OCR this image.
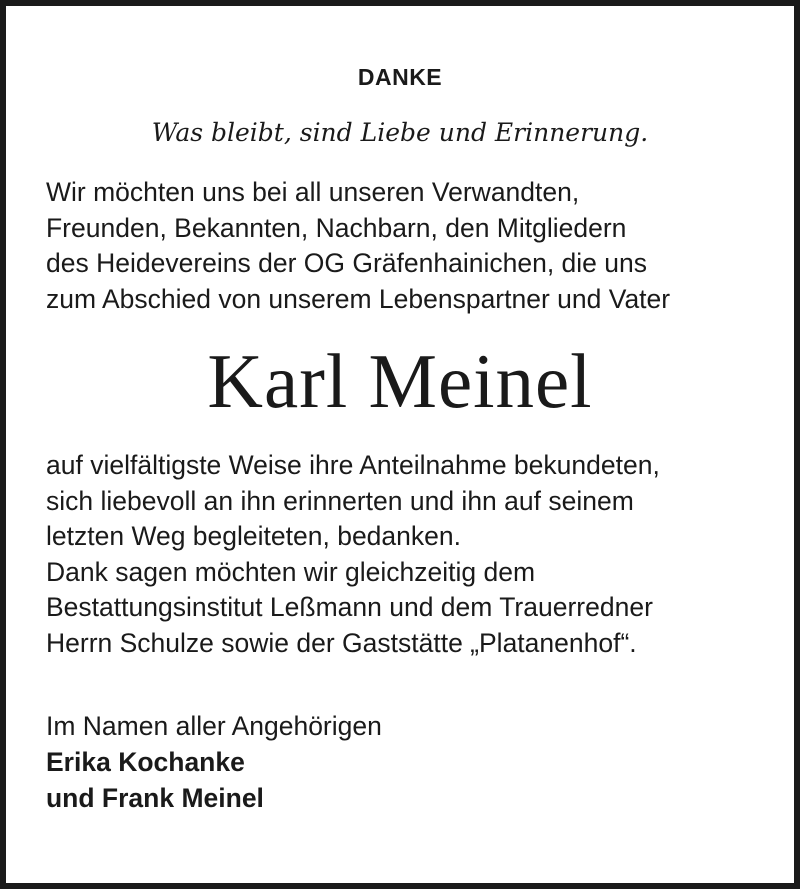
DANKE
Was bleibt, sind Liebe und Erinnerung.
Wir möchten uns bei all unseren Verwandten,
Freunden, Bekannten, Nachbarn, den Mitgliedern
des Heidevereins der OG Gräfenhainichen, die uns
zum Abschied von unserem Lebenspartner und Vater
Karl Meinel
auf vielfältigste Weise ihre Anteilnahme bekundeten,
sich liebevoll an ihn erinnerten und ihn auf seinem
letzten Weg begleiteten, bedanken.
Dank sagen möchten wir gleichzeitig dem
Bestattungsinstitut Leßmann und dem Trauerredner
Herrn Schulze sowie der Gaststätte „Platanenhof“.
Im Namen aller Angehörigen
Erika Kochanke
und Frank Meinel
